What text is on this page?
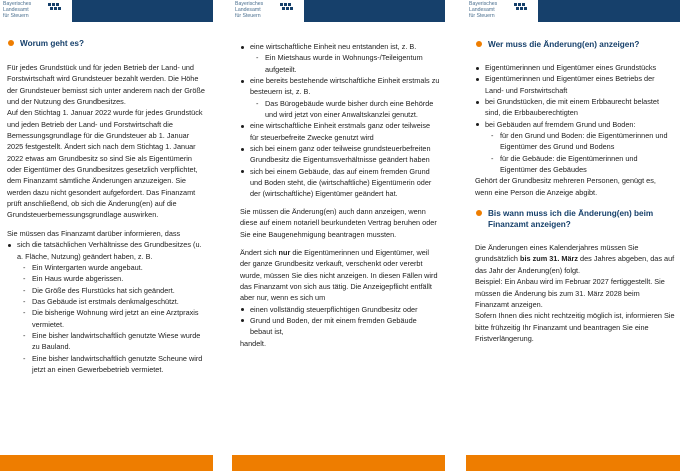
Bayerisches
Landesamt
für Steuern
Worum geht es?

Für jedes Grundstück und für jeden Betrieb der Land- und Forstwirtschaft wird Grundsteuer bezahlt werden. Die Höhe der Grundsteuer bemisst sich unter anderem nach der Größe und der Nutzung des Grundbesitzes.

Auf den Stichtag 1. Januar 2022 wurde für jedes Grundstück und jeden Betrieb der Land- und Forstwirtschaft die Bemessungsgrundlage für die Grundsteuer ab 1. Januar 2025 festgestellt. Ändert sich nach dem Stichtag 1. Januar 2022 etwas am Grundbesitz so sind Sie als Eigentümerin oder Eigentümer des Grundbesitzes gesetzlich verpflichtet, dem Finanzamt sämtliche Änderungen anzuzeigen. Sie werden dazu nicht gesondert aufgefordert. Das Finanzamt prüft anschließend, ob sich die Änderung(en) auf die Grundsteuerbemessungsgrundlage auswirken.

Sie müssen das Finanzamt darüber informieren, dass
sich die tatsächlichen Verhältnisse des Grundbesitzes (u. a. Fläche, Nutzung) geändert haben, z. B.
- Ein Wintergarten wurde angebaut.
- Ein Haus wurde abgerissen.
- Die Größe des Flurstücks hat sich geändert.
- Das Gebäude ist erstmals denkmalgeschützt.
- Die bisherige Wohnung wird jetzt an eine Arztpraxis vermietet.
- Eine bisher landwirtschaftlich genutzte Wiese wurde zu Bauland.
- Eine bisher landwirtschaftlich genutzte Scheune wird jetzt an einen Gewerbebetrieb vermietet.
Bayerisches
Landesamt
für Steuern
eine wirtschaftliche Einheit neu entstanden ist, z. B.
- Ein Mietshaus wurde in Wohnungs-/Teileigentum aufgeteilt.
eine bereits bestehende wirtschaftliche Einheit erstmals zu besteuern ist, z. B.
- Das Bürogebäude wurde bisher durch eine Behörde und wird jetzt von einer Anwaltskanzlei genutzt.
eine wirtschaftliche Einheit erstmals ganz oder teilweise für steuerbefreite Zwecke genutzt wird
sich bei einem ganz oder teilweise grundsteuerbefreiten Grundbesitz die Eigentumsverhältnisse geändert haben
sich bei einem Gebäude, das auf einem fremden Grund und Boden steht, die (wirtschaftliche) Eigentümerin oder der (wirtschaftliche) Eigentümer geändert hat.

Sie müssen die Änderung(en) auch dann anzeigen, wenn diese auf einem notariell beurkundeten Vertrag beruhen oder Sie eine Baugenehmigung beantragen mussten.

Ändert sich nur die Eigentümerinnen und Eigentümer, weil der ganze Grundbesitz verkauft, verschenkt oder vererbt wurde, müssen Sie dies nicht anzeigen. In diesen Fällen wird das Finanzamt von sich aus tätig. Die Anzeigepflicht entfällt aber nur, wenn es sich um

einen vollständig steuerpflichtigen Grundbesitz oder
Grund und Boden, der mit einem fremden Gebäude bebaut ist,
handelt.
Bayerisches
Landesamt
für Steuern
Wer muss die Änderung(en) anzeigen?
Eigentümerinnen und Eigentümer eines Grundstücks
Eigentümerinnen und Eigentümer eines Betriebs der Land- und Forstwirtschaft
bei Grundstücken, die mit einem Erbbaurecht belastet sind, die Erbbauberechtigten
bei Gebäuden auf fremdem Grund und Boden:
- für den Grund und Boden: die Eigentümerinnen und Eigentümer des Grund und Bodens
- für die Gebäude: die Eigentümerinnen und Eigentümer des Gebäudes
Gehört der Grundbesitz mehreren Personen, genügt es, wenn eine Person die Anzeige abgibt.
Bis wann muss ich die Änderung(en) beim Finanzamt anzeigen?

Die Änderungen eines Kalenderjahres müssen Sie grundsätzlich bis zum 31. März des Jahres abgeben, das auf das Jahr der Änderung(en) folgt.

Beispiel: Ein Anbau wird im Februar 2027 fertiggestellt. Sie müssen die Änderung bis zum 31. März 2028 beim Finanzamt anzeigen.

Sofern Ihnen dies nicht rechtzeitig möglich ist, informieren Sie bitte frühzeitig Ihr Finanzamt und beantragen Sie eine Fristverlängerung.
